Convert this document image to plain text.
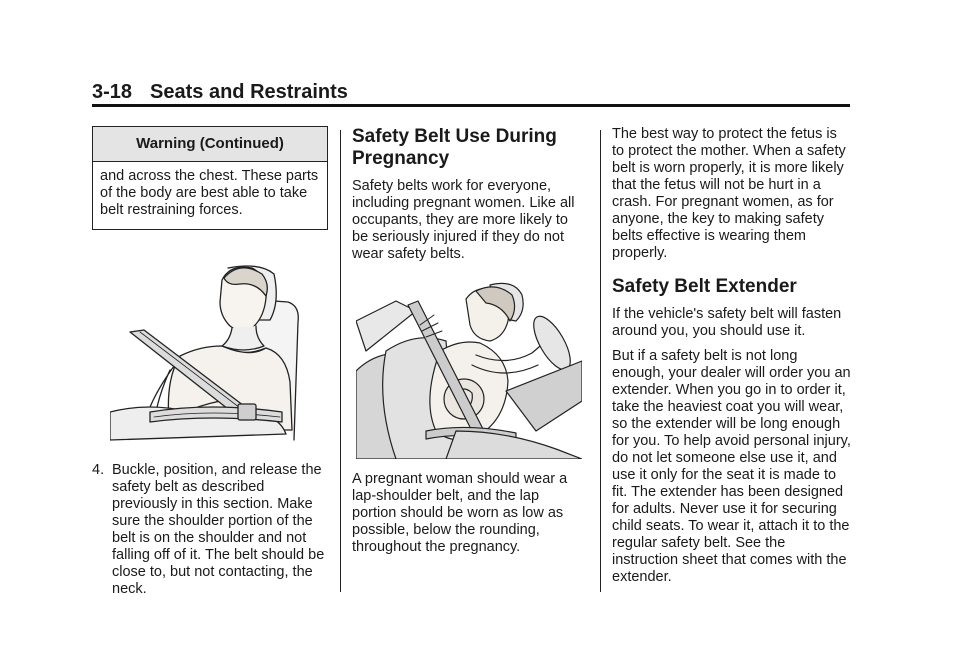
3-18 Seats and Restraints
Warning (Continued)
and across the chest. These parts of the body are best able to take belt restraining forces.
4. Buckle, position, and release the safety belt as described previously in this section. Make sure the shoulder portion of the belt is on the shoulder and not falling off of it. The belt should be close to, but not contacting, the neck.
Safety Belt Use During Pregnancy

Safety belts work for everyone, including pregnant women. Like all occupants, they are more likely to be seriously injured if they do not wear safety belts.

A pregnant woman should wear a lap-shoulder belt, and the lap portion should be worn as low as possible, below the rounding, throughout the pregnancy.

The best way to protect the fetus is to protect the mother. When a safety belt is worn properly, it is more likely that the fetus will not be hurt in a crash. For pregnant women, as for anyone, the key to making safety belts effective is wearing them properly.

Safety Belt Extender

If the vehicle's safety belt will fasten around you, you should use it.

But if a safety belt is not long enough, your dealer will order you an extender. When you go in to order it, take the heaviest coat you will wear, so the extender will be long enough for you. To help avoid personal injury, do not let someone else use it, and use it only for the seat it is made to fit. The extender has been designed for adults. Never use it for securing child seats. To wear it, attach it to the regular safety belt. See the instruction sheet that comes with the extender.
